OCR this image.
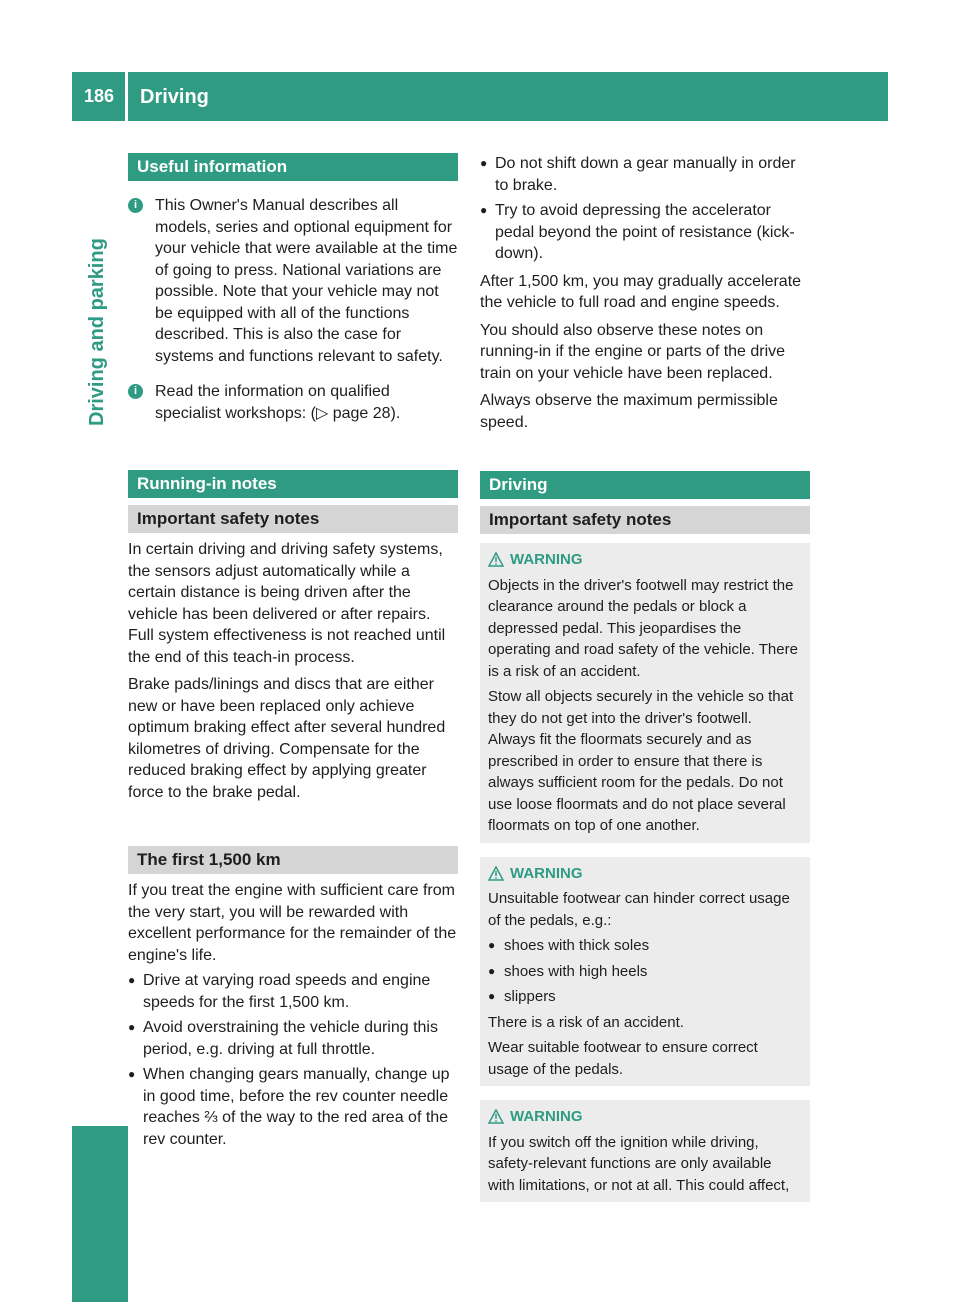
186 Driving
Driving and parking
Useful information
i	This Owner's Manual describes all models, series and optional equipment for your vehicle that were available at the time of going to press. National variations are possible. Note that your vehicle may not be equipped with all of the functions described. This is also the case for systems and functions relevant to safety.
i	Read the information on qualified specialist workshops: (▷ page 28).
Running-in notes
Important safety notes

In certain driving and driving safety systems, the sensors adjust automatically while a certain distance is being driven after the vehicle has been delivered or after repairs. Full system effectiveness is not reached until the end of this teach-in process.

Brake pads/linings and discs that are either new or have been replaced only achieve optimum braking effect after several hundred kilometres of driving. Compensate for the reduced braking effect by applying greater force to the brake pedal.

The first 1,500 km

If you treat the engine with sufficient care from the very start, you will be rewarded with excellent performance for the remainder of the engine's life.

● Drive at varying road speeds and engine speeds for the first 1,500 km.
● Avoid overstraining the vehicle during this period, e.g. driving at full throttle.
● When changing gears manually, change up in good time, before the rev counter needle reaches ⅔ of the way to the red area of the rev counter.
● Do not shift down a gear manually in order to brake.
● Try to avoid depressing the accelerator pedal beyond the point of resistance (kick-down).

After 1,500 km, you may gradually accelerate the vehicle to full road and engine speeds.

You should also observe these notes on running-in if the engine or parts of the drive train on your vehicle have been replaced.

Always observe the maximum permissible speed.

Driving
Important safety notes
WARNING

Objects in the driver's footwell may restrict the clearance around the pedals or block a depressed pedal. This jeopardises the operating and road safety of the vehicle. There is a risk of an accident.

Stow all objects securely in the vehicle so that they do not get into the driver's footwell. Always fit the floormats securely and as prescribed in order to ensure that there is always sufficient room for the pedals. Do not use loose floormats and do not place several floormats on top of one another.

WARNING

Unsuitable footwear can hinder correct usage of the pedals, e.g.:

● shoes with thick soles
● shoes with high heels
● slippers

There is a risk of an accident.

Wear suitable footwear to ensure correct usage of the pedals.

WARNING

If you switch off the ignition while driving, safety-relevant functions are only available with limitations, or not at all. This could affect,
